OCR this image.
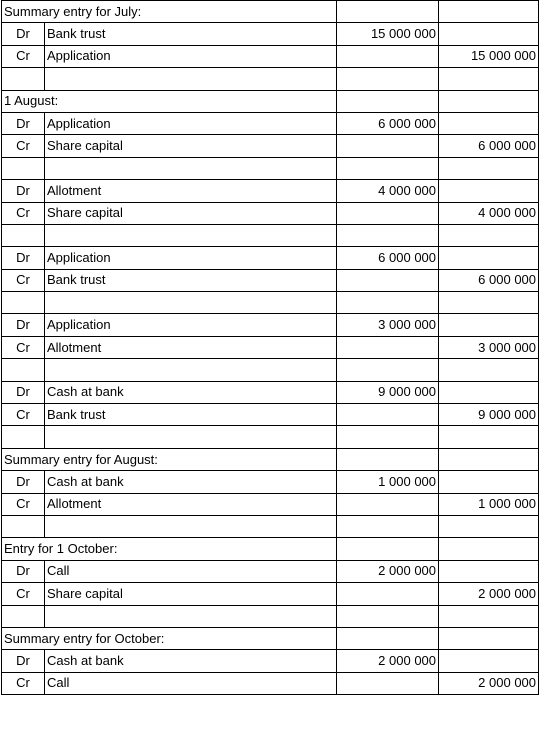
Summary entry for July:			
Dr	Bank trust	15 000 000	
Cr	Application		15 000 000

1 August:			
Dr	Application	6 000 000	
Cr	Share capital		6 000 000

Dr	Allotment	4 000 000	
Cr	Share capital		4 000 000

Dr	Application	6 000 000	
Cr	Bank trust		6 000 000

Dr	Application	3 000 000	
Cr	Allotment		3 000 000

Dr	Cash at bank	9 000 000	
Cr	Bank trust		9 000 000

Summary entry for August:			
Dr	Cash at bank	1 000 000	
Cr	Allotment		1 000 000

Entry for 1 October:			
Dr	Call	2 000 000	
Cr	Share capital		2 000 000

Summary entry for October:			
Dr	Cash at bank	2 000 000	
Cr	Call		2 000 000
